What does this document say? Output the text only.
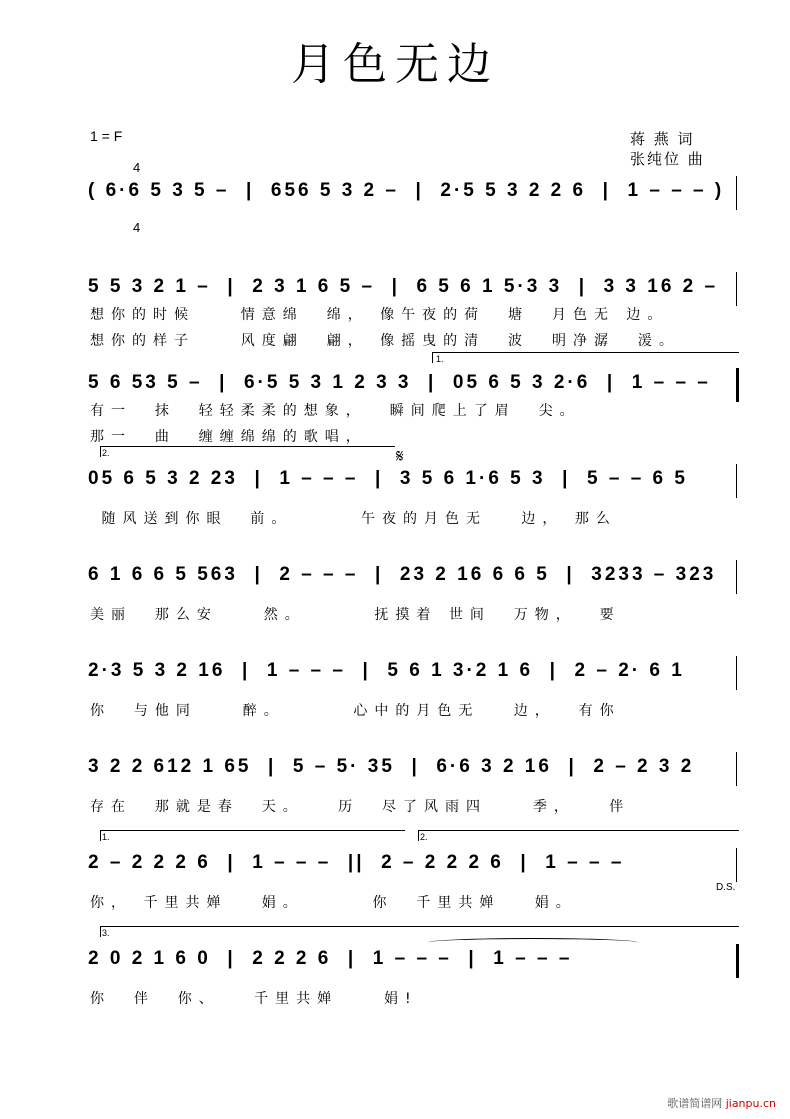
月色无边
1 = F

4

4

蒋 燕 词
张纯位 曲
( 6·6 5 3 5 –  |  656 5 3 2 –  |  2·5 5 3 2 2 6  |  1 – – – )
5 5 3 2 1 –  |  2 3 1 6 5 –  |  6 5 6 1 5·3 3  |  3 3 16 2 –
想你的时候    情意绵  绵， 像午夜的荷  塘  月色无 边。
想你的样子    风度翩  翩， 像摇曳的清  波  明净潺  湲。
1.
5 6 53 5 –  |  6·5 5 3 1 2 3 3  |  05 6 5 3 2·6  |  1 – – –
有一  抹  轻轻柔柔的想象，  瞬间爬上了眉  尖。
那一  曲  缠缠绵绵的歌唱，
2.	𝄋
05 6 5 3 2 23  |  1 – – –  |  3 5 6 1·6 5 3  |  5 – – 6 5
随风送到你眼  前。      午夜的月色无   边， 那么
6 1 6 6 5 563  |  2 – – –  |  23 2 16 6 6 5  |  3233 – 323
美丽  那么安    然。      抚摸着 世间  万物，  要
2·3 5 3 2 16  |  1 – – –  |  5 6 1 3·2 1 6  |  2 – 2· 6 1
你  与他同    醉。      心中的月色无   边，  有你
3 2 2 612 1 65  |  5 – 5· 35  |  6·6 3 2 16  |  2 – 2 3 2
存在  那就是春  天。   历  尽了风雨四    季，   伴
1.	2.
2 – 2 2 2 6  |  1 – – –  ||  2 – 2 2 2 6  |  1 – – –
D.S.
你， 千里共婵   娟。      你  千里共婵   娟。
3.
2 0 2 1 6 0  |  2 2 2 6  |  1 – – –  |  1 – – –
你  伴  你、   千里共婵    娟!
歌谱简谱网 jianpu.cn
